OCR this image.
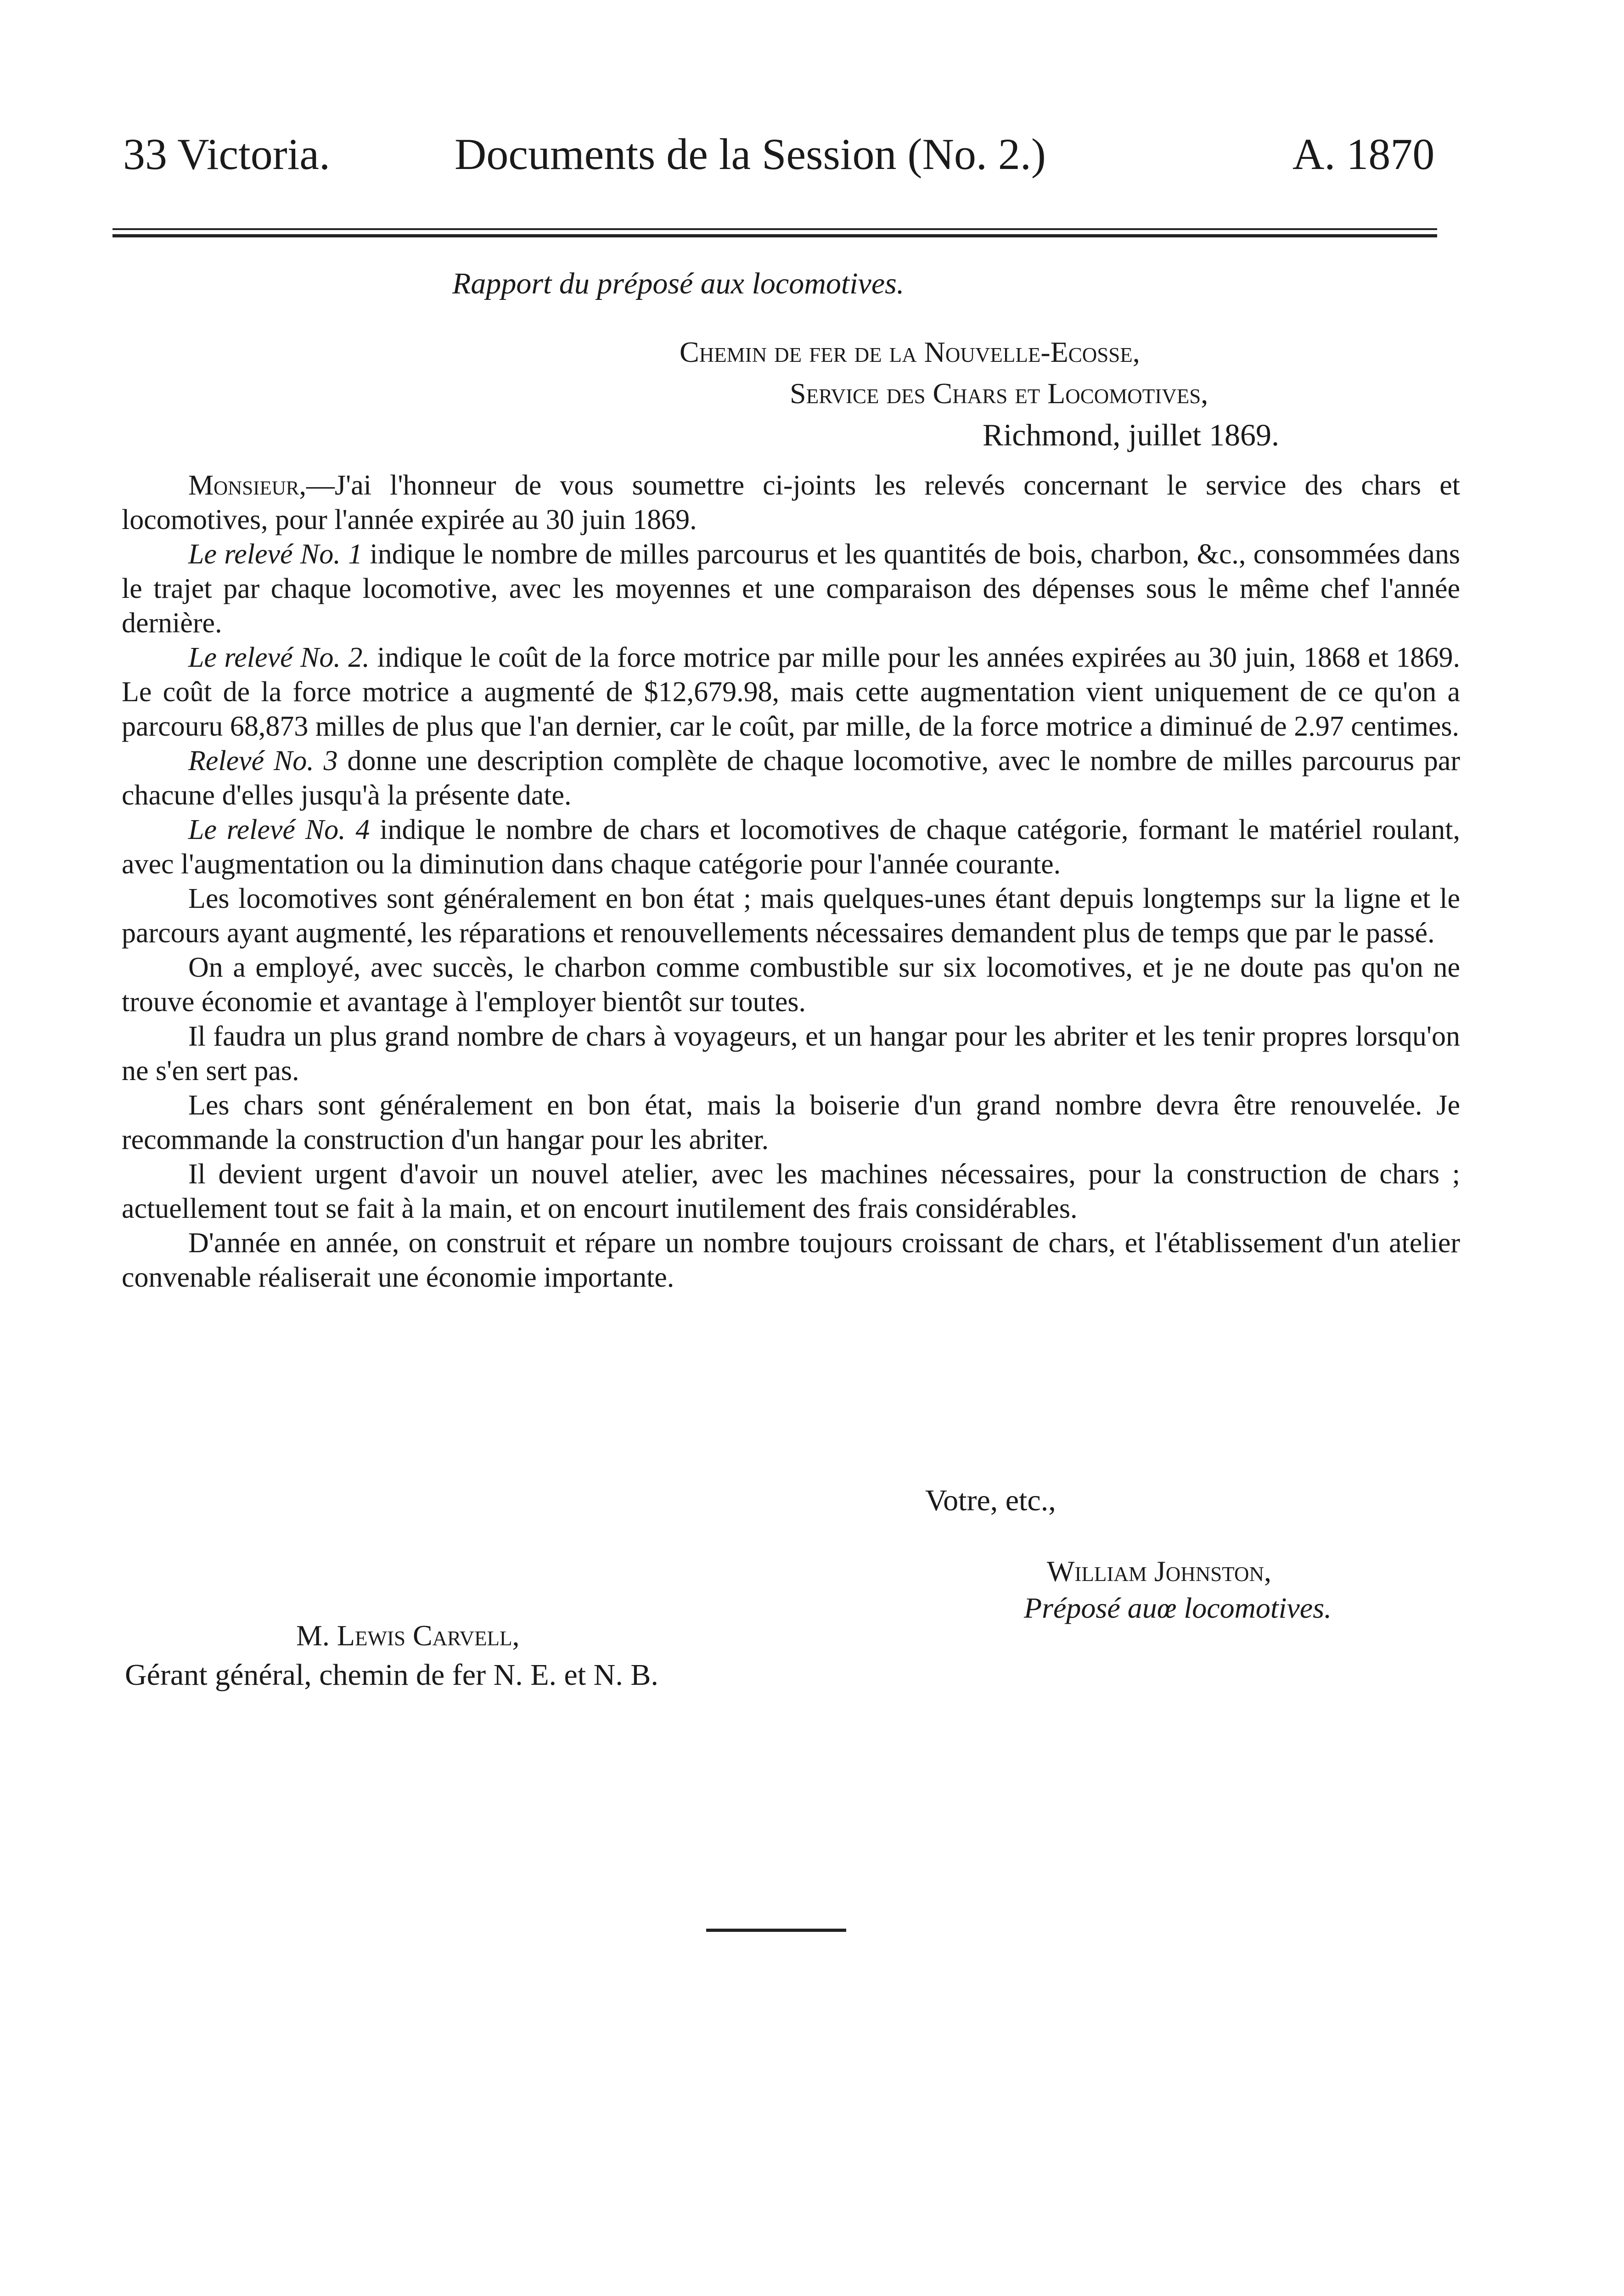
33 Victoria.	Documents de la Session (No. 2.)	A. 1870
Rapport du préposé aux locomotives.
Chemin de fer de la Nouvelle-Ecosse,
Service des Chars et Locomotives,
Richmond, juillet 1869.

Monsieur,—J'ai l'honneur de vous soumettre ci-joints les relevés concernant le service des chars et locomotives, pour l'année expirée au 30 juin 1869.

Le relevé No. 1 indique le nombre de milles parcourus et les quantités de bois, charbon, &c., consommées dans le trajet par chaque locomotive, avec les moyennes et une comparaison des dépenses sous le même chef l'année dernière.

Le relevé No. 2. indique le coût de la force motrice par mille pour les années expirées au 30 juin, 1868 et 1869. Le coût de la force motrice a augmenté de $12,679.98, mais cette augmentation vient uniquement de ce qu'on a parcouru 68,873 milles de plus que l'an dernier, car le coût, par mille, de la force motrice a diminué de 2.97 centimes.

Relevé No. 3 donne une description complète de chaque locomotive, avec le nombre de milles parcourus par chacune d'elles jusqu'à la présente date.

Le relevé No. 4 indique le nombre de chars et locomotives de chaque catégorie, formant le matériel roulant, avec l'augmentation ou la diminution dans chaque catégorie pour l'année courante.

Les locomotives sont généralement en bon état ; mais quelques-unes étant depuis longtemps sur la ligne et le parcours ayant augmenté, les réparations et renouvellements nécessaires demandent plus de temps que par le passé.

On a employé, avec succès, le charbon comme combustible sur six locomotives, et je ne doute pas qu'on ne trouve économie et avantage à l'employer bientôt sur toutes.

Il faudra un plus grand nombre de chars à voyageurs, et un hangar pour les abriter et les tenir propres lorsqu'on ne s'en sert pas.

Les chars sont généralement en bon état, mais la boiserie d'un grand nombre devra être renouvelée. Je recommande la construction d'un hangar pour les abriter.

Il devient urgent d'avoir un nouvel atelier, avec les machines nécessaires, pour la construction de chars ; actuellement tout se fait à la main, et on encourt inutilement des frais considérables.

D'année en année, on construit et répare un nombre toujours croissant de chars, et l'établissement d'un atelier convenable réaliserait une économie importante.

Votre, etc.,
William Johnston,
Préposé auœ locomotives.
M. Lewis Carvell,
Gérant général, chemin de fer N. E. et N. B.
